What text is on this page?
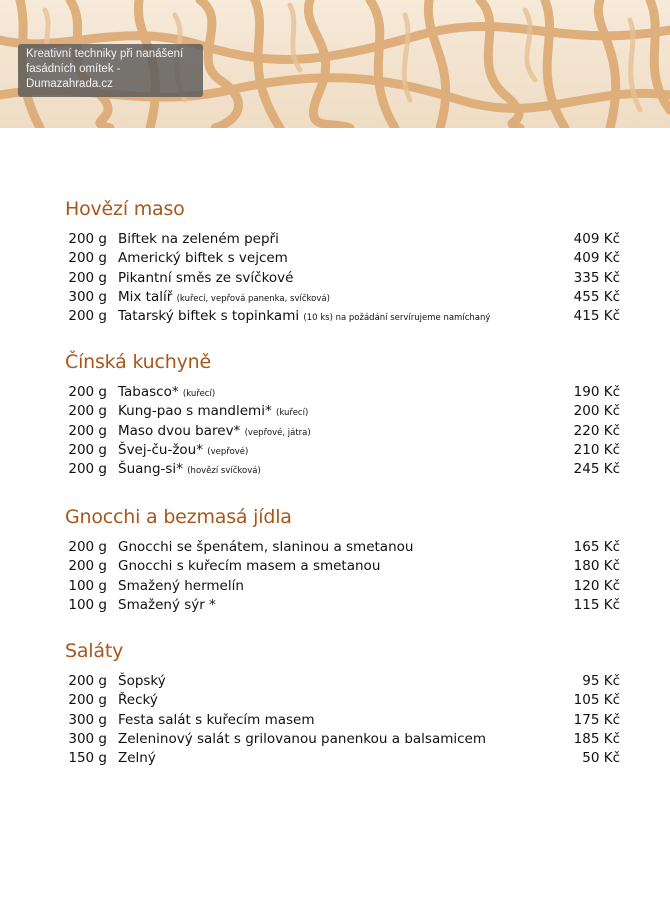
Kreativní techniky při nanášení fasádních omítek - Dumazahrada.cz
Hovězí maso
200 g Biftek na zeleném pepři	409 Kč
200 g Americký biftek s vejcem	409 Kč
200 g Pikantní směs ze svíčkové	335 Kč
300 g Mix talíř (kuřecí, vepřová panenka, svíčková)	455 Kč
200 g Tatarský biftek s topinkami (10 ks) na požádání servírujeme namíchaný	415 Kč
Čínská kuchyně
200 g Tabasco* (kuřecí)	190 Kč
200 g Kung-pao s mandlemi* (kuřecí)	200 Kč
200 g Maso dvou barev* (vepřové, játra)	220 Kč
200 g Švej-ču-žou* (vepřové)	210 Kč
200 g Šuang-si* (hovězí svíčková)	245 Kč
Gnocchi a bezmasá jídla
200 g Gnocchi se špenátem, slaninou a smetanou	165 Kč
200 g Gnocchi s kuřecím masem a smetanou	180 Kč
100 g Smažený hermelín	120 Kč
100 g Smažený sýr *	115 Kč
Saláty
200 g Šopský	95 Kč
200 g Řecký	105 Kč
300 g Festa salát s kuřecím masem	175 Kč
300 g Zeleninový salát s grilovanou panenkou a balsamicem	185 Kč
150 g Zelný	50 Kč
